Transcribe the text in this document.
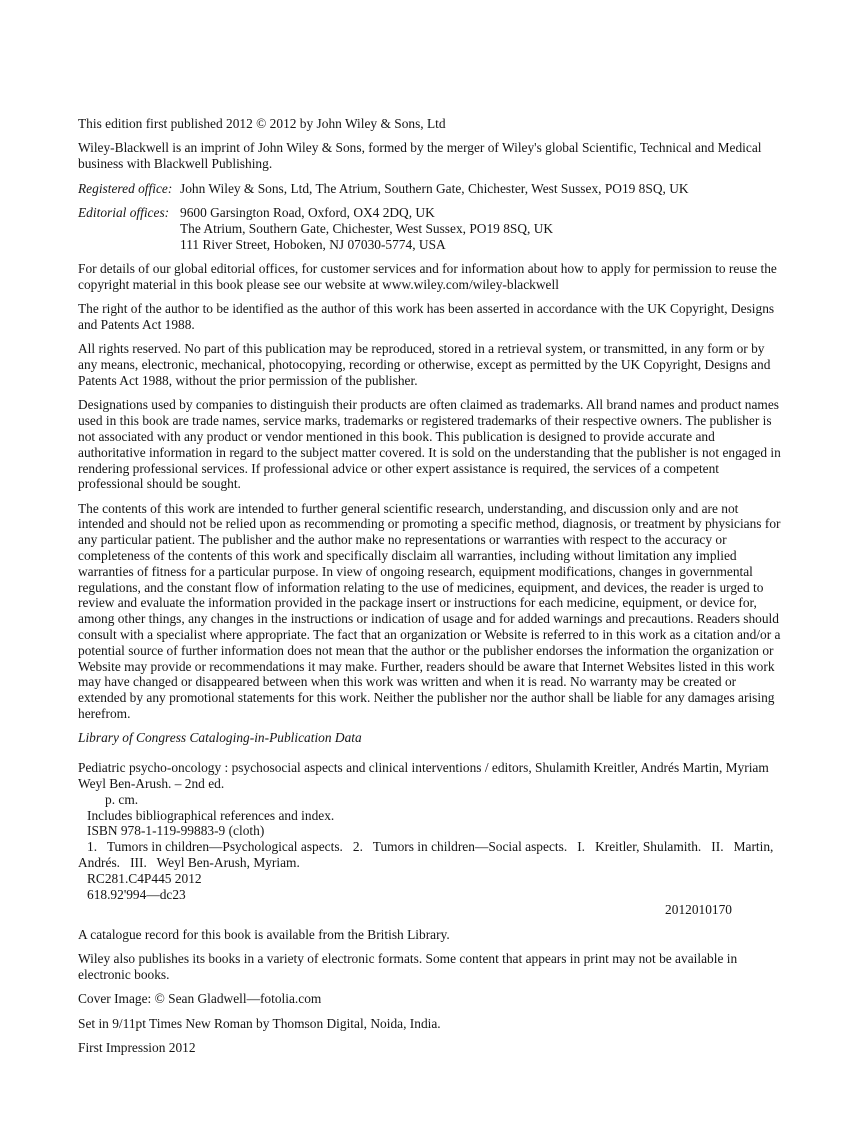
This edition first published 2012 © 2012 by John Wiley & Sons, Ltd

Wiley-Blackwell is an imprint of John Wiley & Sons, formed by the merger of Wiley's global Scientific, Technical and Medical business with Blackwell Publishing.

Registered office: John Wiley & Sons, Ltd, The Atrium, Southern Gate, Chichester, West Sussex, PO19 8SQ, UK
Editorial offices: 9600 Garsington Road, Oxford, OX4 2DQ, UK
The Atrium, Southern Gate, Chichester, West Sussex, PO19 8SQ, UK
111 River Street, Hoboken, NJ 07030-5774, USA

For details of our global editorial offices, for customer services and for information about how to apply for permission to reuse the copyright material in this book please see our website at www.wiley.com/wiley-blackwell

The right of the author to be identified as the author of this work has been asserted in accordance with the UK Copyright, Designs and Patents Act 1988.

All rights reserved. No part of this publication may be reproduced, stored in a retrieval system, or transmitted, in any form or by any means, electronic, mechanical, photocopying, recording or otherwise, except as permitted by the UK Copyright, Designs and Patents Act 1988, without the prior permission of the publisher.

Designations used by companies to distinguish their products are often claimed as trademarks. All brand names and product names used in this book are trade names, service marks, trademarks or registered trademarks of their respective owners. The publisher is not associated with any product or vendor mentioned in this book. This publication is designed to provide accurate and authoritative information in regard to the subject matter covered. It is sold on the understanding that the publisher is not engaged in rendering professional services. If professional advice or other expert assistance is required, the services of a competent professional should be sought.

The contents of this work are intended to further general scientific research, understanding, and discussion only and are not intended and should not be relied upon as recommending or promoting a specific method, diagnosis, or treatment by physicians for any particular patient. The publisher and the author make no representations or warranties with respect to the accuracy or completeness of the contents of this work and specifically disclaim all warranties, including without limitation any implied warranties of fitness for a particular purpose. In view of ongoing research, equipment modifications, changes in governmental regulations, and the constant flow of information relating to the use of medicines, equipment, and devices, the reader is urged to review and evaluate the information provided in the package insert or instructions for each medicine, equipment, or device for, among other things, any changes in the instructions or indication of usage and for added warnings and precautions. Readers should consult with a specialist where appropriate. The fact that an organization or Website is referred to in this work as a citation and/or a potential source of further information does not mean that the author or the publisher endorses the information the organization or Website may provide or recommendations it may make. Further, readers should be aware that Internet Websites listed in this work may have changed or disappeared between when this work was written and when it is read. No warranty may be created or extended by any promotional statements for this work. Neither the publisher nor the author shall be liable for any damages arising herefrom.

Library of Congress Cataloging-in-Publication Data

Pediatric psycho-oncology : psychosocial aspects and clinical interventions / editors, Shulamith Kreitler, Andrés Martin, Myriam Weyl Ben-Arush. – 2nd ed.
p. cm.
Includes bibliographical references and index.
ISBN 978-1-119-99883-9 (cloth)
1.   Tumors in children—Psychological aspects.   2.   Tumors in children—Social aspects.   I.   Kreitler, Shulamith.   II.   Martin, Andrés.   III.   Weyl Ben-Arush, Myriam.
RC281.C4P445 2012
618.92'994—dc23
2012010170

A catalogue record for this book is available from the British Library.

Wiley also publishes its books in a variety of electronic formats. Some content that appears in print may not be available in electronic books.

Cover Image: © Sean Gladwell—fotolia.com

Set in 9/11pt Times New Roman by Thomson Digital, Noida, India.

First Impression 2012
